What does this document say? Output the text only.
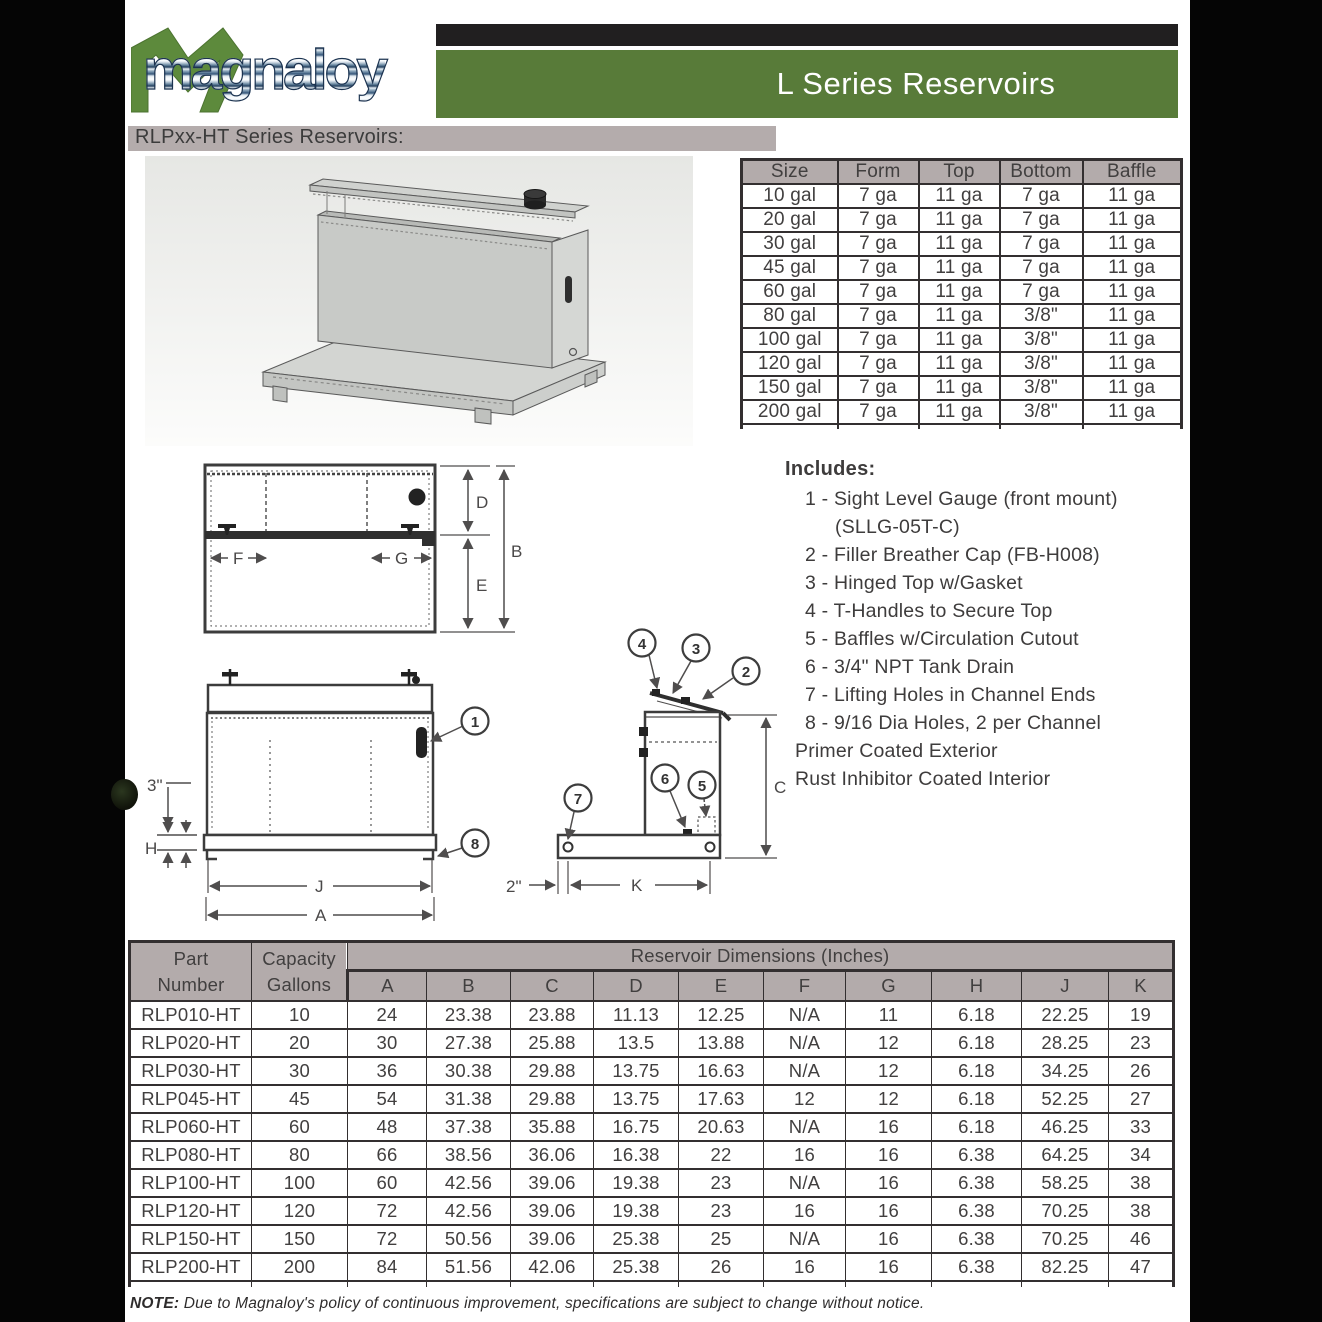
magnaloy	L Series Reservoirs
RLPxx-HT Series Reservoirs:
Size	Form	Top	Bottom	Baffle
10 gal	7 ga	11 ga	7 ga	11 ga
20 gal	7 ga	11 ga	7 ga	11 ga
30 gal	7 ga	11 ga	7 ga	11 ga
45 gal	7 ga	11 ga	7 ga	11 ga
60 gal	7 ga	11 ga	7 ga	11 ga
80 gal	7 ga	11 ga	3/8"	11 ga
100 gal	7 ga	11 ga	3/8"	11 ga
120 gal	7 ga	11 ga	3/8"	11 ga
150 gal	7 ga	11 ga	3/8"	11 ga
200 gal	7 ga	11 ga	3/8"	11 ga

Includes:
1 - Sight Level Gauge (front mount)
(SLLG-05T-C)
2 - Filler Breather Cap (FB-H008)
3 - Hinged Top w/Gasket
4 - T-Handles to Secure Top
5 - Baffles w/Circulation Cutout
6 - 3/4" NPT Tank Drain
7 - Lifting Holes in Channel Ends
8 - 9/16 Dia Holes, 2 per Channel
Primer Coated Exterior
Rust Inhibitor Coated Interior
F	G
D
E
B
1
8
3"
H
J
A
4	3
2
7
6 5	C
K
2"
Part
Number

Capacity
Gallons
	Reservoir Dimensions (Inches)
		A	B	C	D	E	F	G	H	J	K
RLP010-HT	10	24	23.38	23.88	11.13	12.25	N/A	11	6.18	22.25	19
RLP020-HT	20	30	27.38	25.88	13.5	13.88	N/A	12	6.18	28.25	23
RLP030-HT	30	36	30.38	29.88	13.75	16.63	N/A	12	6.18	34.25	26
RLP045-HT	45	54	31.38	29.88	13.75	17.63	12	12	6.18	52.25	27
RLP060-HT	60	48	37.38	35.88	16.75	20.63	N/A	16	6.18	46.25	33
RLP080-HT	80	66	38.56	36.06	16.38	22	16	16	6.38	64.25	34
RLP100-HT	100	60	42.56	39.06	19.38	23	N/A	16	6.38	58.25	38
RLP120-HT	120	72	42.56	39.06	19.38	23	16	16	6.38	70.25	38
RLP150-HT	150	72	50.56	39.06	25.38	25	N/A	16	6.38	70.25	46
RLP200-HT	200	84	51.56	42.06	25.38	26	16	16	6.38	82.25	47

NOTE: Due to Magnaloy's policy of continuous improvement, specifications are subject to change without notice.
